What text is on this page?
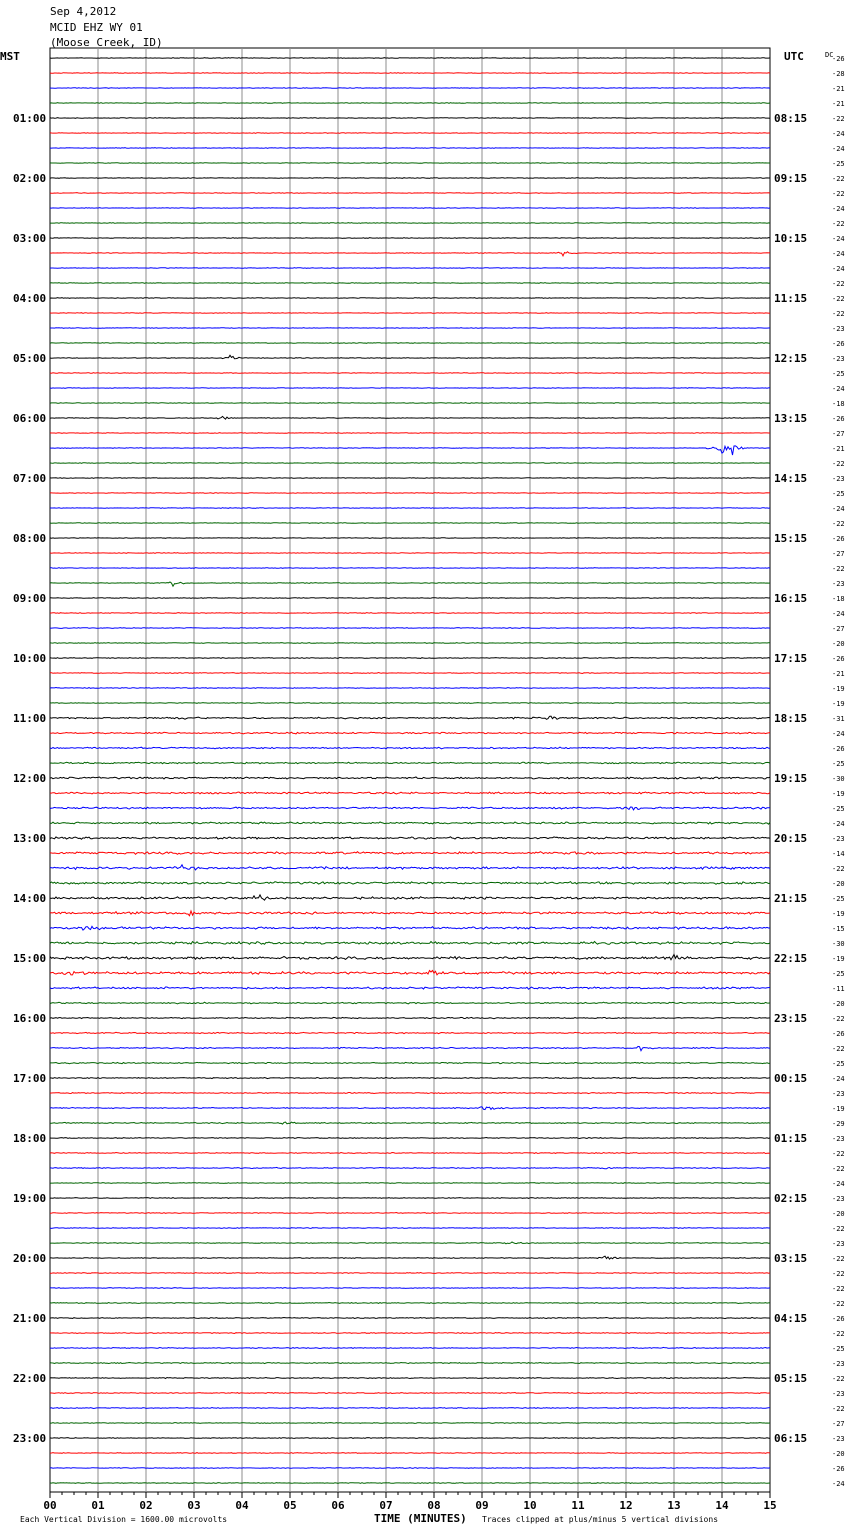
Sep 4,2012
MCID EHZ WY 01
(Moose Creek, ID)
MST	UTC	DC
00	01	02	03	04	05	06	07	08	09	10	11	12	13	14	15
-26
-28
-21
-21
-22
01:00	08:15
-24
-24
-25
-22
02:00	09:15
-22
-24
-22
-24
03:00	10:15
-24
-24
-22
-22
04:00	11:15
-22
-23
-26
-23
05:00	12:15
-25
-24
-18
-26
06:00	13:15
-27
-21
-22
-23
07:00	14:15
-25
-24
-22
-26
08:00	15:15
-27
-22
-23
-18
09:00	16:15
-24
-27
-20
-26
10:00	17:15
-21
-19
-19
-31
11:00	18:15
-24
-26
-25
-30
12:00	19:15
-19
-25
-24
-23
13:00	20:15
-14
-22
-20
-25
14:00	21:15
-19
-15
-30
-19
15:00	22:15
-25
-11
-20
-22
16:00	23:15
-26
-22
-25
-24
17:00	00:15
-23
-19
-29
-23
18:00	01:15
-22
-22
-24
-23
19:00	02:15
-20
-22
-23
-22
20:00	03:15
-22
-22
-22
-26
21:00	04:15
-22
-25
-23
-22
22:00	05:15
-23
-22
-27
-23
23:00	06:15
-20
-26
-24
Each Vertical Division = 1600.00 microvolts	TIME (MINUTES) Traces clipped at plus/minus 5 vertical divisions
